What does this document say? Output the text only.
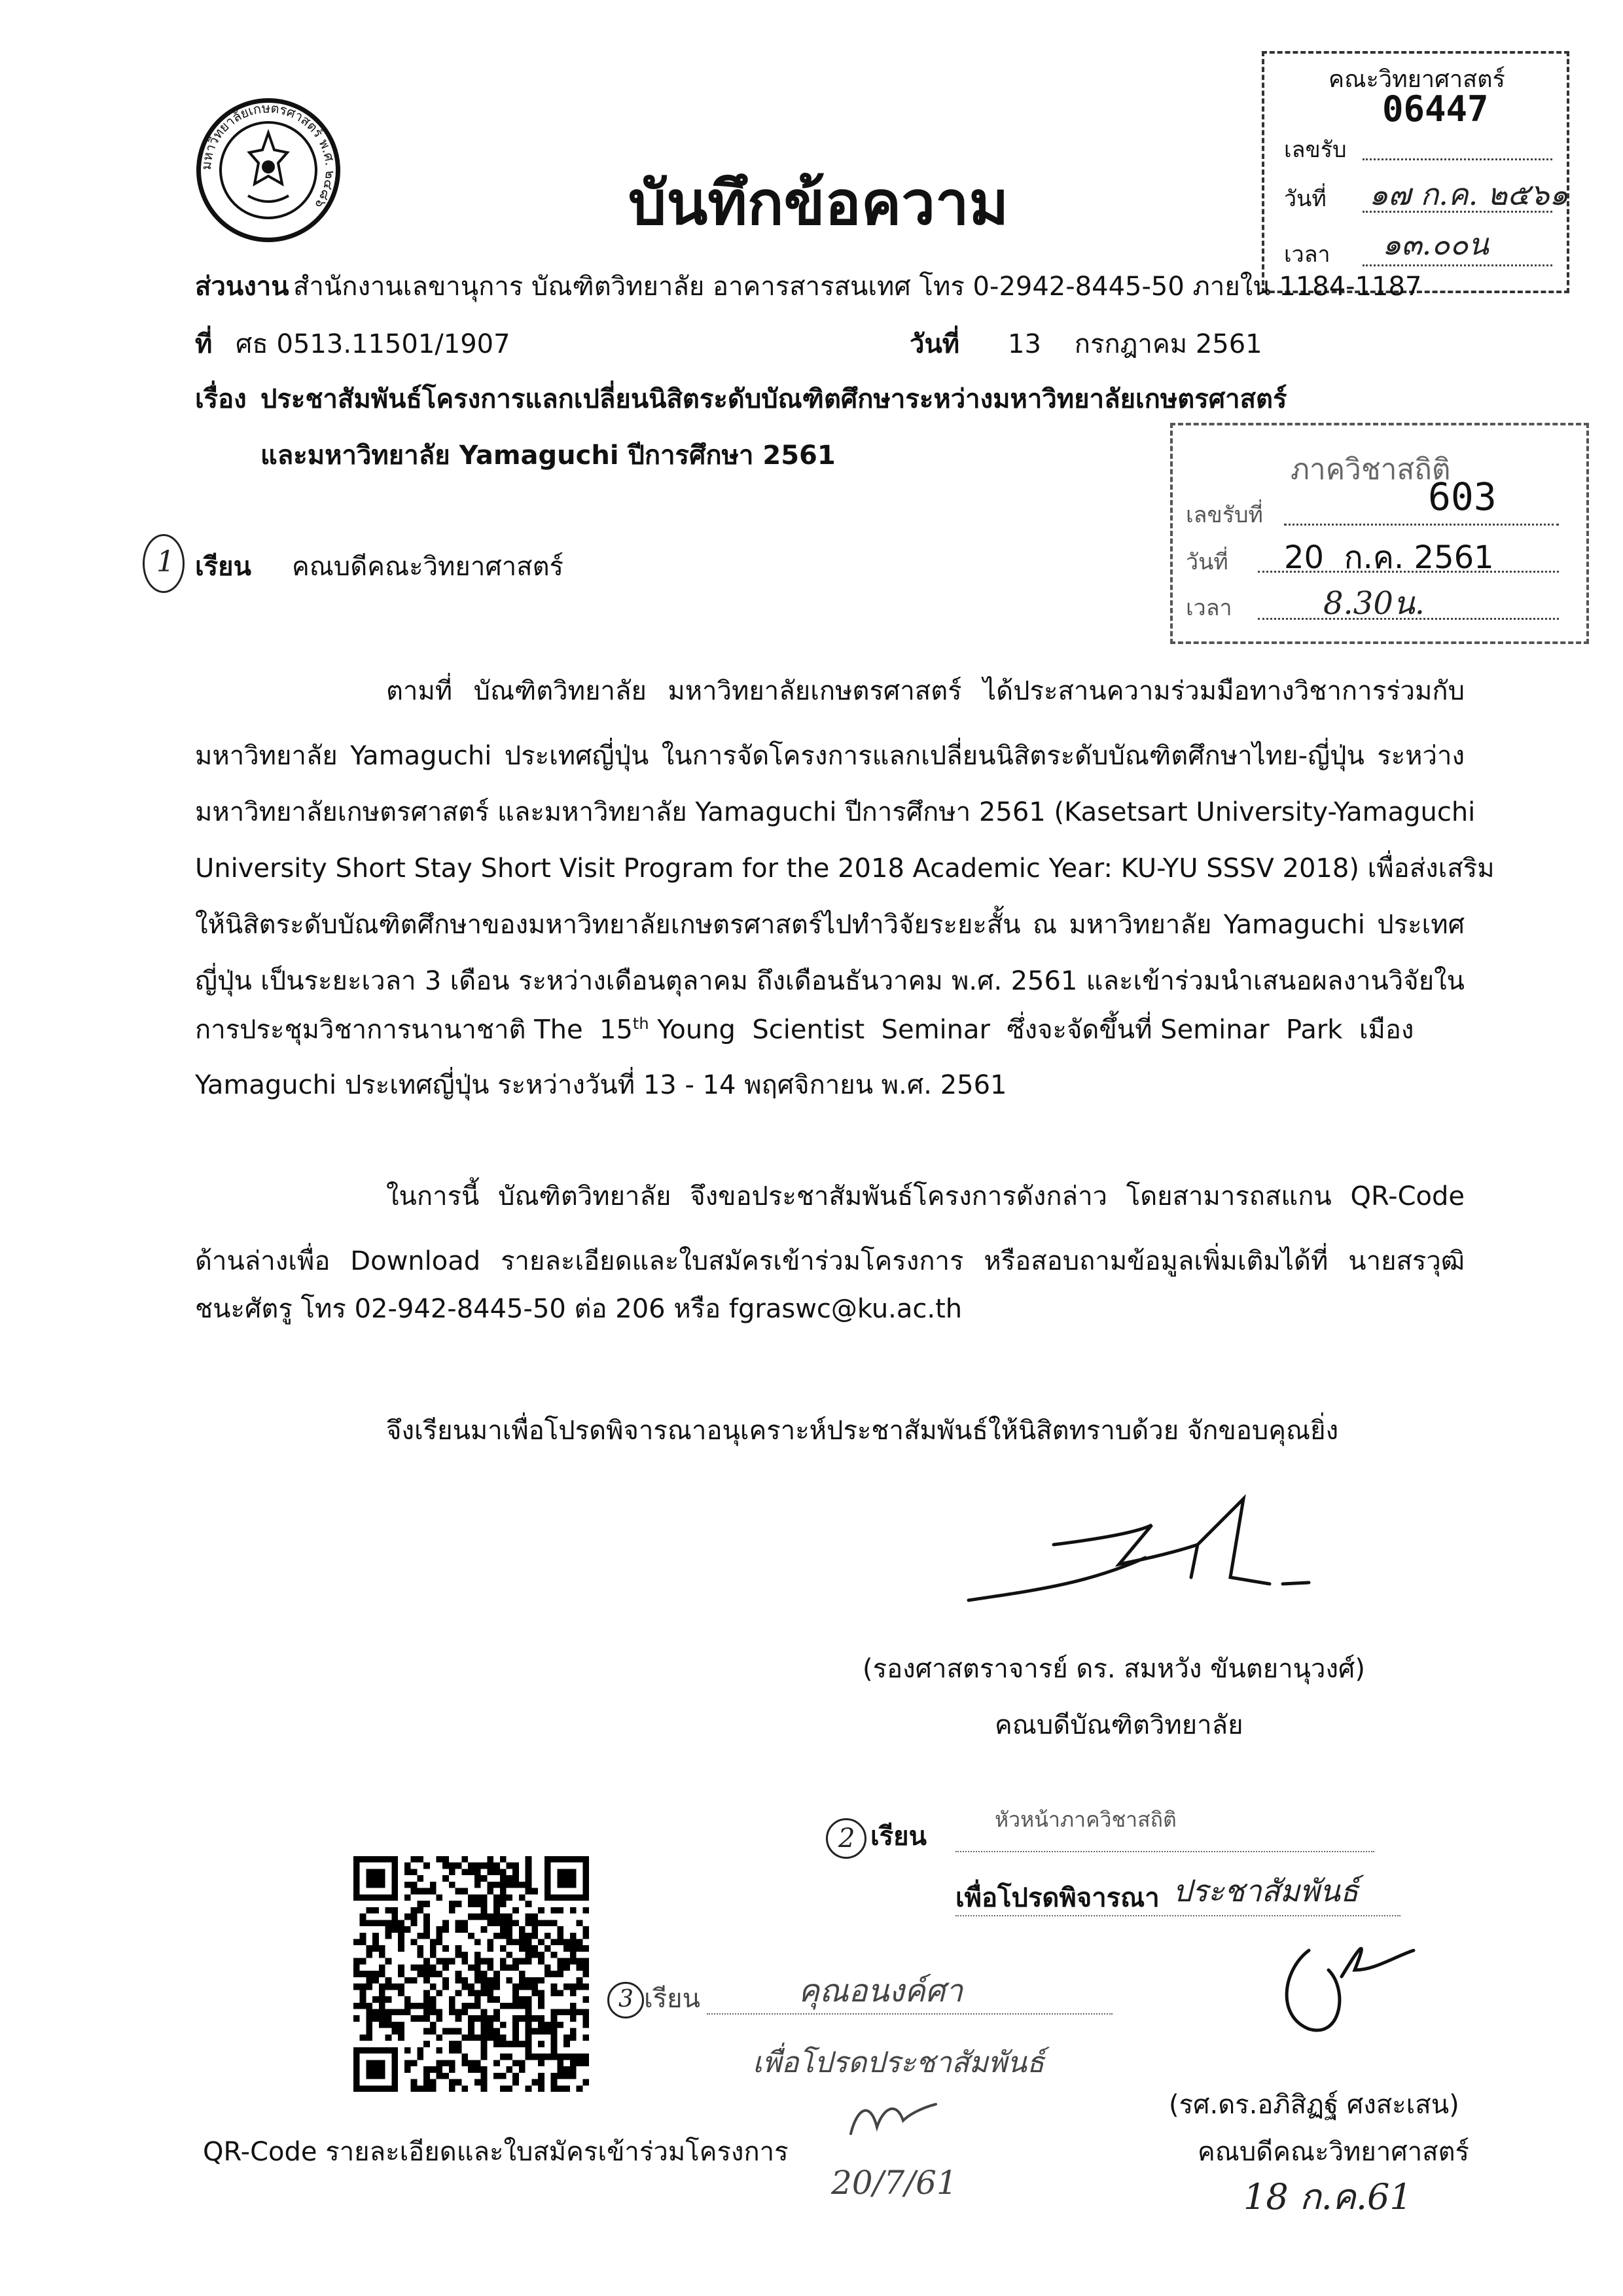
มหาวิทยาลัยเกษตรศาสตร์ พ.ศ. ๒๔๘๖	บันทึกข้อความ
คณะวิทยาศาสตร์
06447
เลขรับ
วันที่ ๑๗ ก.ค. ๒๕๖๑
เวลา ๑๓.๐๐น
ส่วนงาน สำนักงานเลขานุการ บัณฑิตวิทยาลัย อาคารสารสนเทศ โทร 0-2942-8445-50 ภายใน 1184-1187
ที่ ศธ 0513.11501/1907	วันที่ 13    กรกฎาคม 2561
เรื่อง ประชาสัมพันธ์โครงการแลกเปลี่ยนนิสิตระดับบัณฑิตศึกษาระหว่างมหาวิทยาลัยเกษตรศาสตร์
และมหาวิทยาลัย Yamaguchi ปีการศึกษา 2561	ภาควิชาสถิติ
603
เลขรับที่
วันที่ 20  ก.ค. 2561
เวลา	8.30น.
1 เรียน คณบดีคณะวิทยาศาสตร์
ตามที่ บัณฑิตวิทยาลัย มหาวิทยาลัยเกษตรศาสตร์ ได้ประสานความร่วมมือทางวิชาการร่วมกับ
มหาวิทยาลัย Yamaguchi ประเทศญี่ปุ่น ในการจัดโครงการแลกเปลี่ยนนิสิตระดับบัณฑิตศึกษาไทย-ญี่ปุ่น ระหว่าง
มหาวิทยาลัยเกษตรศาสตร์ และมหาวิทยาลัย Yamaguchi ปีการศึกษา 2561 (Kasetsart University-Yamaguchi
University Short Stay Short Visit Program for the 2018 Academic Year: KU-YU SSSV 2018) เพื่อส่งเสริม
ให้นิสิตระดับบัณฑิตศึกษาของมหาวิทยาลัยเกษตรศาสตร์ไปทำวิจัยระยะสั้น ณ มหาวิทยาลัย Yamaguchi ประเทศ
ญี่ปุ่น เป็นระยะเวลา 3 เดือน ระหว่างเดือนตุลาคม ถึงเดือนธันวาคม พ.ศ. 2561 และเข้าร่วมนำเสนอผลงานวิจัยใน
การประชุมวิชาการนานาชาติ The  15th Young  Scientist  Seminar  ซึ่งจะจัดขึ้นที่ Seminar  Park  เมือง
Yamaguchi ประเทศญี่ปุ่น ระหว่างวันที่ 13 - 14 พฤศจิกายน พ.ศ. 2561
ในการนี้ บัณฑิตวิทยาลัย จึงขอประชาสัมพันธ์โครงการดังกล่าว โดยสามารถสแกน QR-Code
ด้านล่างเพื่อ Download รายละเอียดและใบสมัครเข้าร่วมโครงการ หรือสอบถามข้อมูลเพิ่มเติมได้ที่ นายสรวุฒิ
ชนะศัตรู โทร 02-942-8445-50 ต่อ 206 หรือ fgraswc@ku.ac.th
จึงเรียนมาเพื่อโปรดพิจารณาอนุเคราะห์ประชาสัมพันธ์ให้นิสิตทราบด้วย จักขอบคุณยิ่ง
(รองศาสตราจารย์ ดร. สมหวัง ขันตยานุวงศ์)
คณบดีบัณฑิตวิทยาลัย
2 เรียน
หัวหน้าภาควิชาสถิติ
เพื่อโปรดพิจารณา ประชาสัมพันธ์
(รศ.ดร.อภิสิฏฐ์ ศงสะเสน)
คณบดีคณะวิทยาศาสตร์
18 ก.ค.61
QR-Code รายละเอียดและใบสมัครเข้าร่วมโครงการ
3 เรียน	คุณอนงค์ศา
เพื่อโปรดประชาสัมพันธ์
20/7/61
